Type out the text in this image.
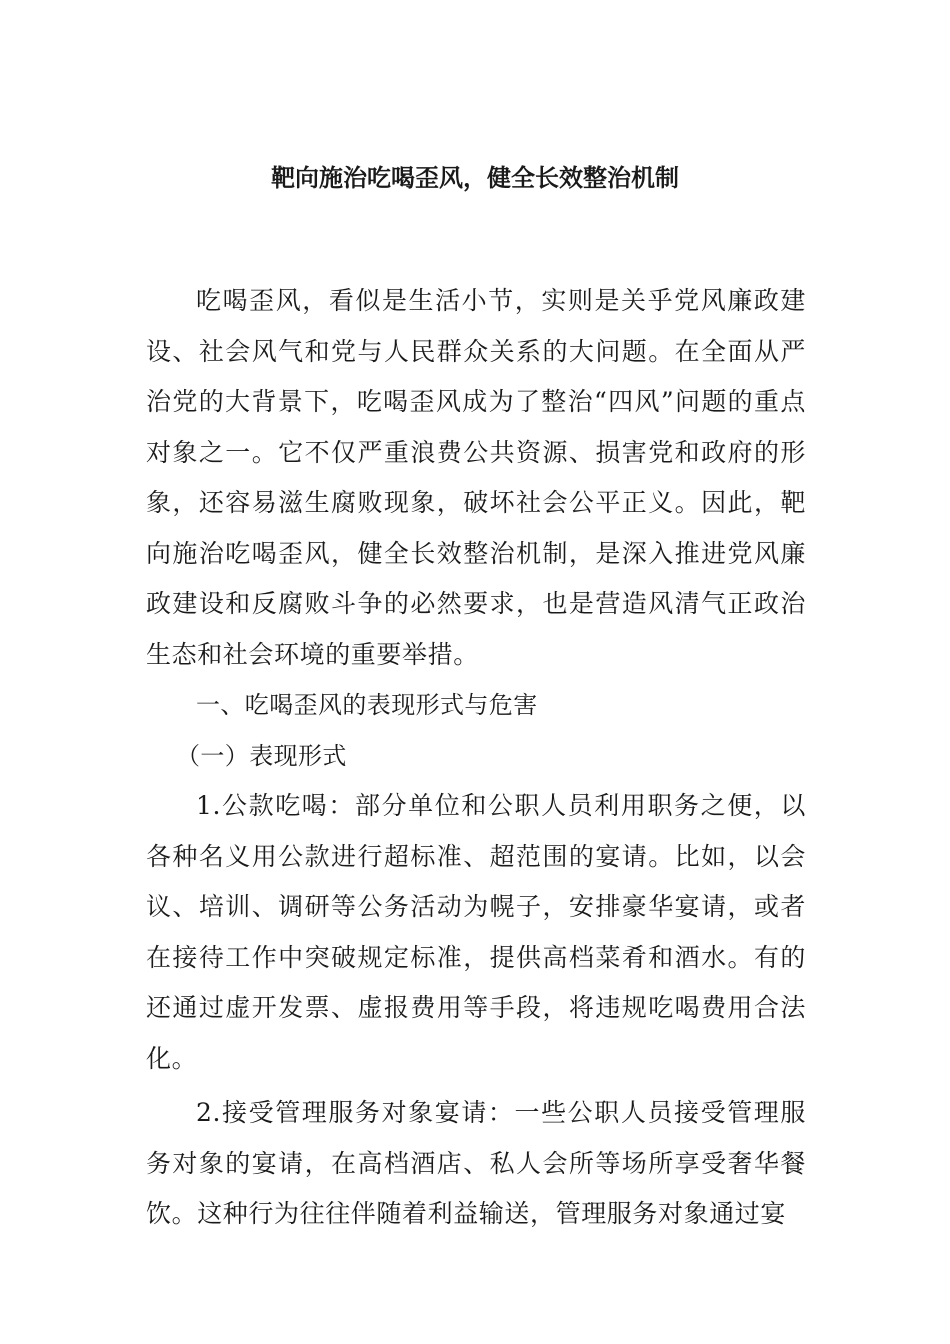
靶向施治吃喝歪风，健全长效整治机制

吃喝歪风，看似是生活小节，实则是关乎党风廉政建设、社会风气和党与人民群众关系的大问题。在全面从严治党的大背景下，吃喝歪风成为了整治“四风”问题的重点对象之一。它不仅严重浪费公共资源、损害党和政府的形象，还容易滋生腐败现象，破坏社会公平正义。因此，靶向施治吃喝歪风，健全长效整治机制，是深入推进党风廉政建设和反腐败斗争的必然要求，也是营造风清气正政治生态和社会环境的重要举措。

一、吃喝歪风的表现形式与危害

（一）表现形式

1.公款吃喝：部分单位和公职人员利用职务之便，以各种名义用公款进行超标准、超范围的宴请。比如，以会议、培训、调研等公务活动为幌子，安排豪华宴请，或者在接待工作中突破规定标准，提供高档菜肴和酒水。有的还通过虚开发票、虚报费用等手段，将违规吃喝费用合法化。

2.接受管理服务对象宴请：一些公职人员接受管理服务对象的宴请，在高档酒店、私人会所等场所享受奢华餐饮。这种行为往往伴随着利益输送，管理服务对象通过宴
